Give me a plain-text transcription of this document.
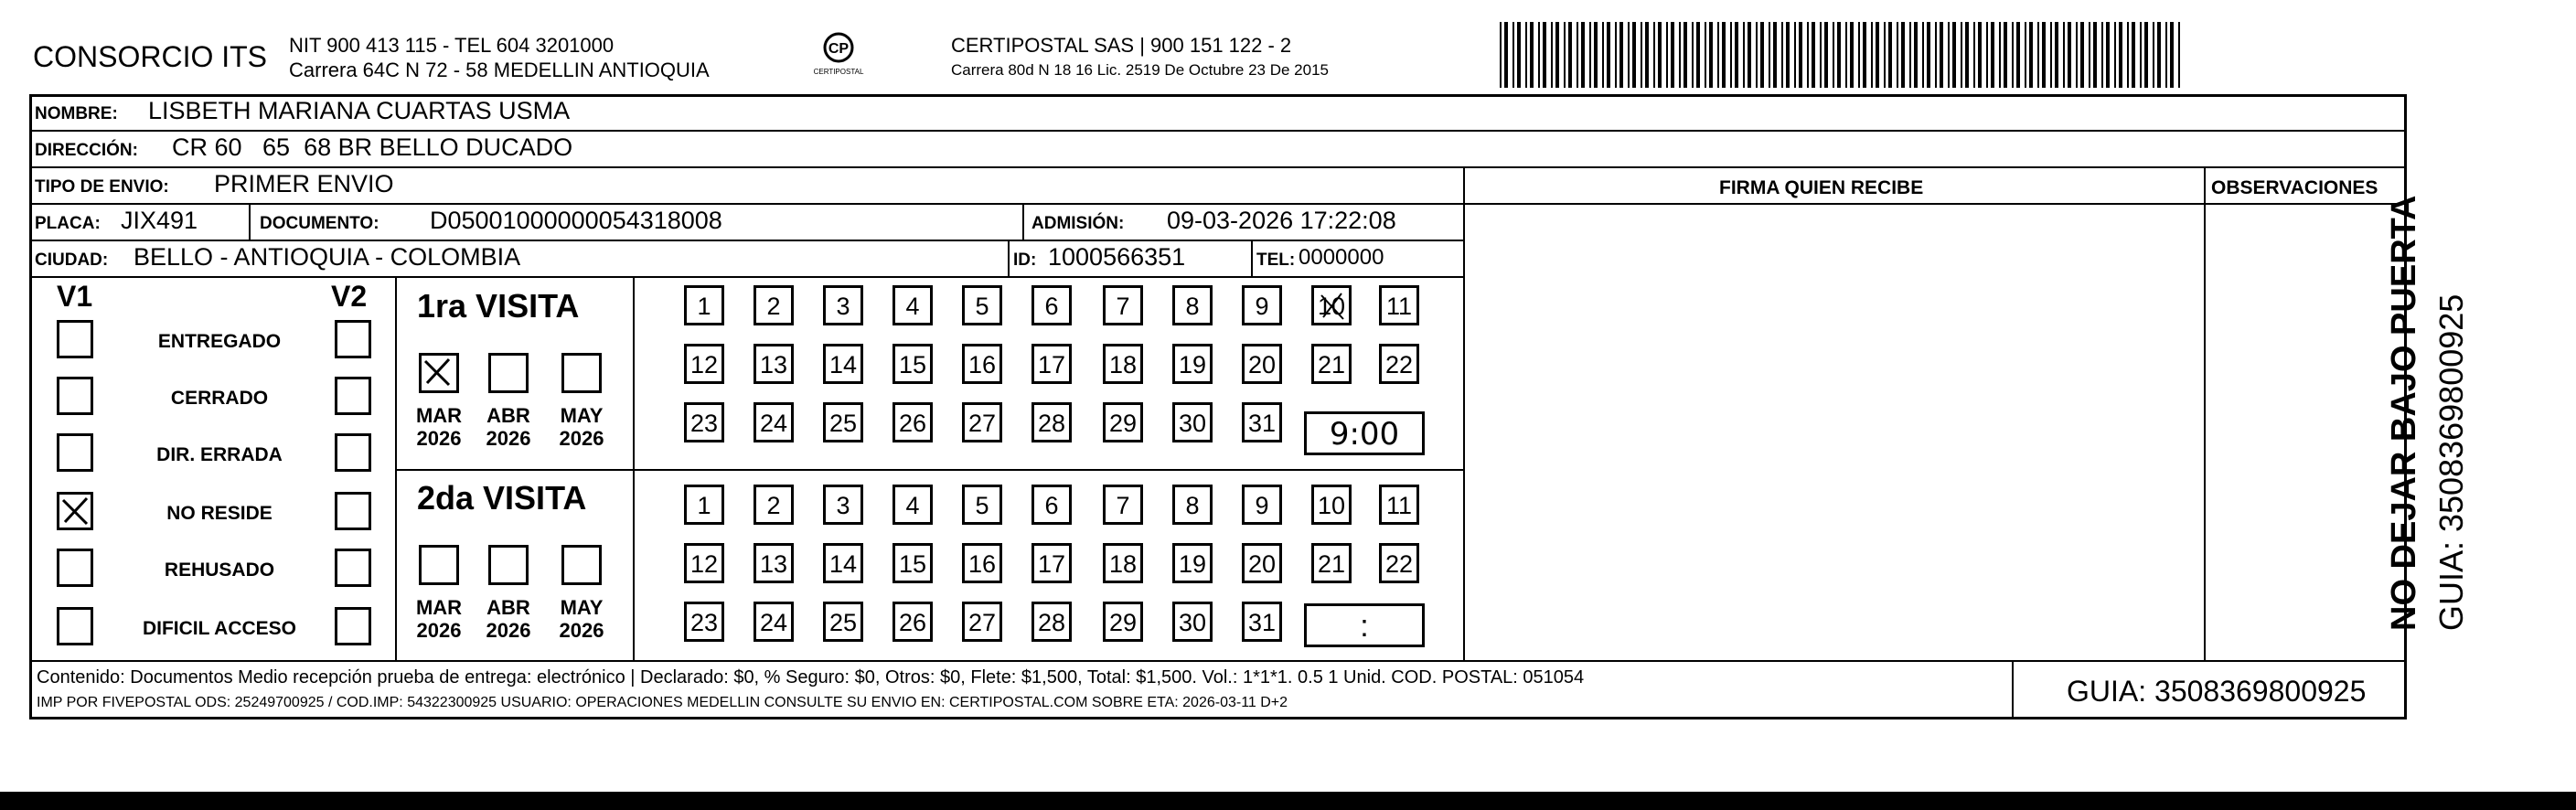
CONSORCIO ITS NIT 900 413 115 - TEL 604 3201000
Carrera 64C N 72 - 58 MEDELLIN ANTIOQUIA
CP
CERTIPOSTAL
CERTIPOSTAL SAS | 900 151 122 - 2
Carrera 80d N 18 16 Lic. 2519 De Octubre 23 De 2015
NOMBRE: LISBETH MARIANA CUARTAS USMA
DIRECCIÓN: CR 60   65  68 BR BELLO DUCADO
TIPO DE ENVIO: PRIMER ENVIO	FIRMA QUIEN RECIBE	OBSERVACIONES
PLACA: JIX491	DOCUMENTO: D05001000000054318008	ADMISIÓN: 09-03-2026 17:22:08
CIUDAD: BELLO - ANTIOQUIA - COLOMBIA	ID: 1000566351	TEL: 0000000
V1	V2
ENTREGADO
CERRADO
DIR. ERRADA
NO RESIDE
REHUSADO
DIFICIL ACCESO
1ra VISITA
MAR
2026
ABR
2026
MAY
2026
1	2	3	4	5	6	7	8	9	10 11
12 13 14 15 16 17 18 19 20 21 22
23 24 25 26 27 28 29 30 31	9:00
2da VISITA
MAR
2026
ABR
2026
MAY
2026
1	2	3	4	5	6	7	8	9	10 11
12 13 14 15 16 17 18 19 20 21 22
23 24 25 26 27 28 29 30 31	:
Contenido: Documentos Medio recepción prueba de entrega: electrónico | Declarado: $0, % Seguro: $0, Otros: $0, Flete: $1,500, Total: $1,500. Vol.: 1*1*1. 0.5 1 Unid. COD. POSTAL: 051054
IMP POR FIVEPOSTAL ODS: 25249700925 / COD.IMP: 54322300925 USUARIO: OPERACIONES MEDELLIN CONSULTE SU ENVIO EN: CERTIPOSTAL.COM SOBRE ETA: 2026-03-11 D+2	GUIA: 3508369800925
NO DEJAR BAJO PUERTA GUIA: 3508369800925
